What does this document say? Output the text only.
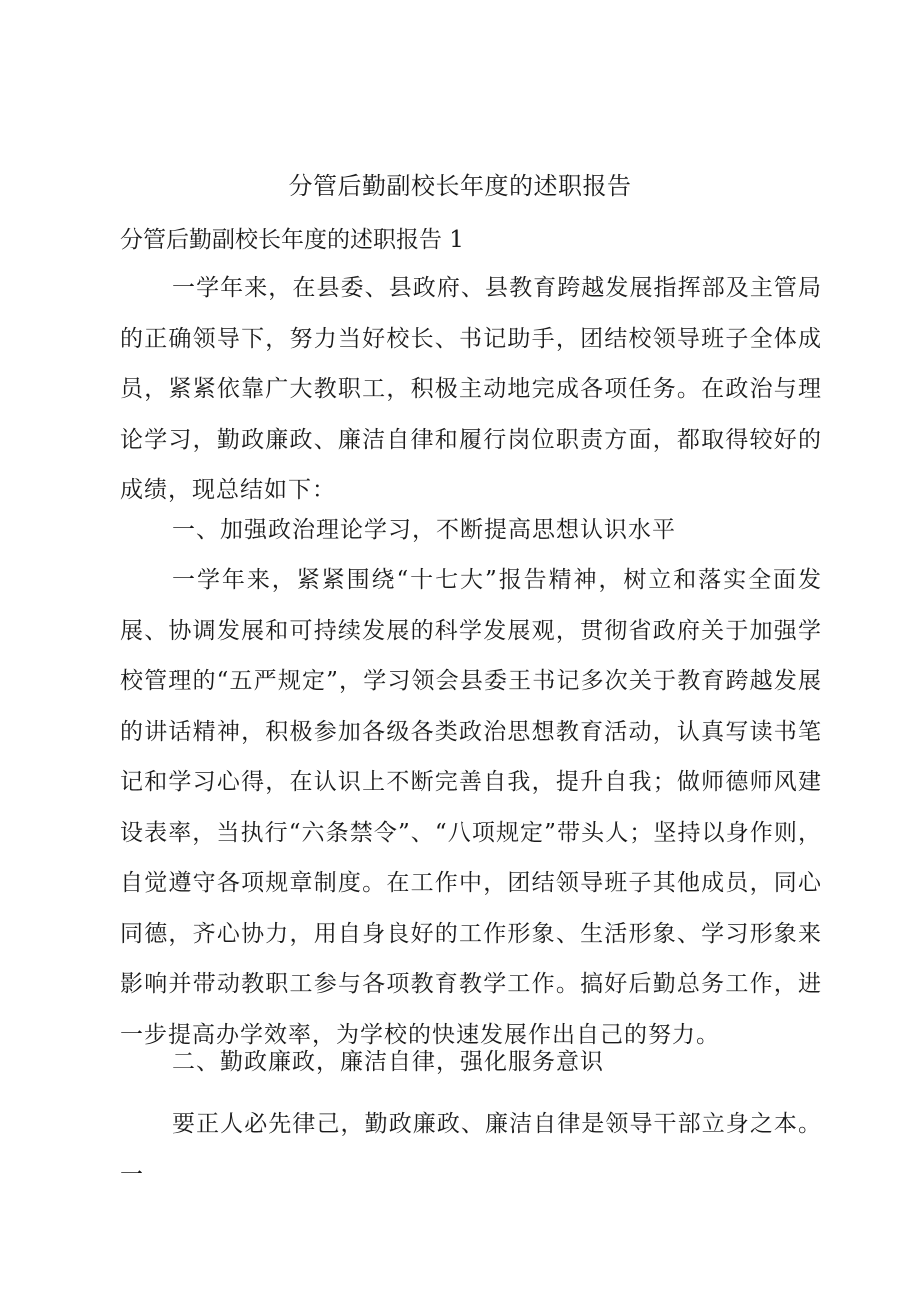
分管后勤副校长年度的述职报告

分管后勤副校长年度的述职报告 1

一学年来，在县委、县政府、县教育跨越发展指挥部及主管局的正确领导下，努力当好校长、书记助手，团结校领导班子全体成员，紧紧依靠广大教职工，积极主动地完成各项任务。在政治与理论学习，勤政廉政、廉洁自律和履行岗位职责方面，都取得较好的成绩，现总结如下：

一、加强政治理论学习，不断提高思想认识水平

一学年来，紧紧围绕“十七大”报告精神，树立和落实全面发展、协调发展和可持续发展的科学发展观，贯彻省政府关于加强学校管理的“五严规定”，学习领会县委王书记多次关于教育跨越发展的讲话精神，积极参加各级各类政治思想教育活动，认真写读书笔记和学习心得，在认识上不断完善自我，提升自我；做师德师风建设表率，当执行“六条禁令”、“八项规定”带头人；坚持以身作则，自觉遵守各项规章制度。在工作中，团结领导班子其他成员，同心同德，齐心协力，用自身良好的工作形象、生活形象、学习形象来影响并带动教职工参与各项教育教学工作。搞好后勤总务工作，进一步提高办学效率，为学校的快速发展作出自己的努力。

二、勤政廉政，廉洁自律，强化服务意识

要正人必先律己，勤政廉政、廉洁自律是领导干部立身之本。一
